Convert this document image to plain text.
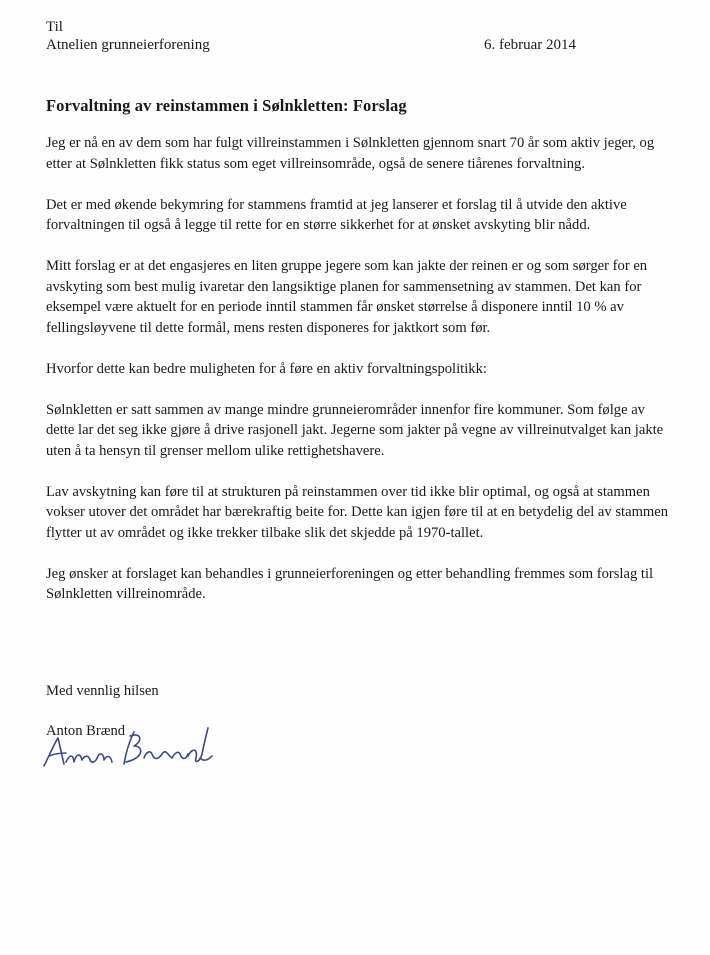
Til
Atnelien grunneierforening	6. februar 2014
Forvaltning av reinstammen i Sølnkletten: Forslag

Jeg er nå en av dem som har fulgt villreinstammen i Sølnkletten gjennom snart 70 år som aktiv jeger, og etter at Sølnkletten fikk status som eget villreinsområde, også de senere tiårenes forvaltning.

Det er med økende bekymring for stammens framtid at jeg lanserer et forslag til å utvide den aktive forvaltningen til også å legge til rette for en større sikkerhet for at ønsket avskyting blir nådd.

Mitt forslag er at det engasjeres en liten gruppe jegere som kan jakte der reinen er og som sørger for en avskyting som best mulig ivaretar den langsiktige planen for sammensetning av stammen. Det kan for eksempel være aktuelt for en periode inntil stammen får ønsket størrelse å disponere inntil 10 % av fellingsløyvene til dette formål, mens resten disponeres for jaktkort som før.

Hvorfor dette kan bedre muligheten for å føre en aktiv forvaltningspolitikk:

Sølnkletten er satt sammen av mange mindre grunneierområder innenfor fire kommuner. Som følge av dette lar det seg ikke gjøre å drive rasjonell jakt. Jegerne som jakter på vegne av villreinutvalget kan jakte uten å ta hensyn til grenser mellom ulike rettighetshavere.

Lav avskytning kan føre til at strukturen på reinstammen over tid ikke blir optimal, og også at stammen vokser utover det området har bærekraftig beite for. Dette kan igjen føre til at en betydelig del av stammen flytter ut av området og ikke trekker tilbake slik det skjedde på 1970-tallet.

Jeg ønsker at forslaget kan behandles i grunneierforeningen og etter behandling fremmes som forslag til Sølnkletten villreinområde.

Med vennlig hilsen
Anton Brænd
